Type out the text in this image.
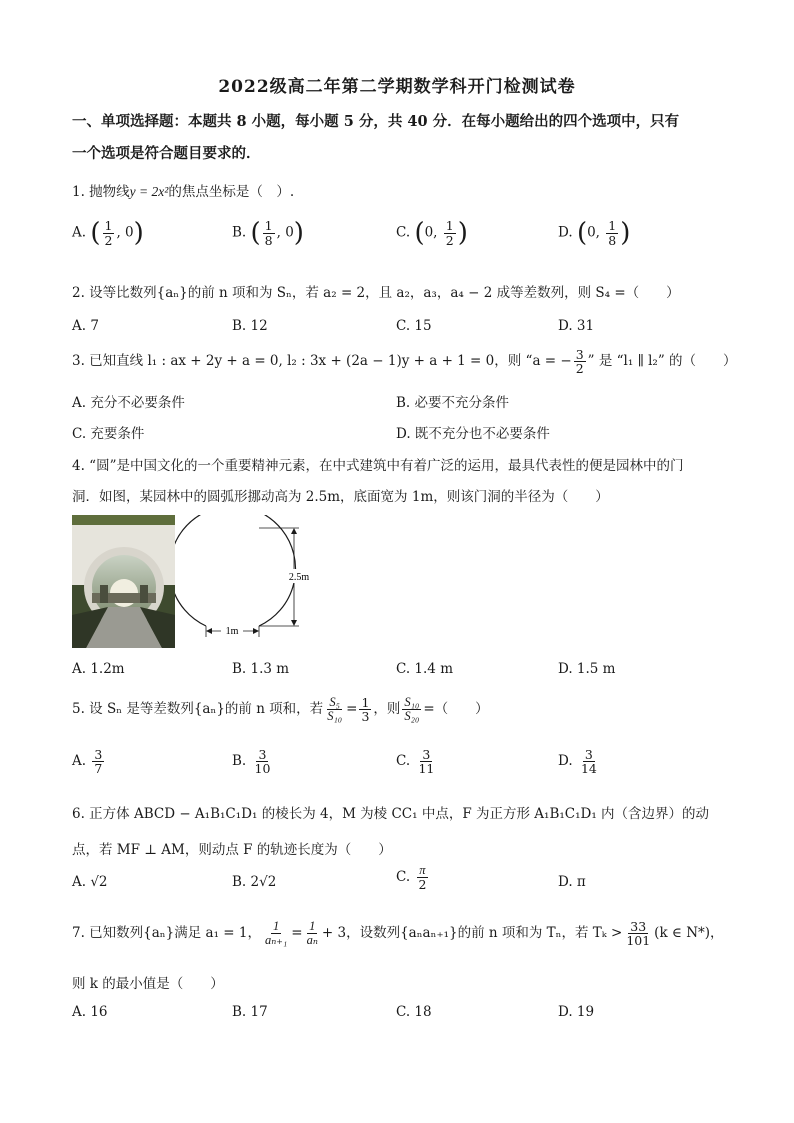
2022级高二年第二学期数学科开门检测试卷
一、单项选择题：本题共 8 小题，每小题 5 分，共 40 分．在每小题给出的四个选项中，只有
一个选项是符合题目要求的．
1. 抛物线y = 2x²的焦点坐标是（　）.
A. ( $\frac{1}{2}$ , 0)	B. ( $\frac{1}{8}$ , 0)	C. (0, $\frac{1}{2}$ )	D. (0, $\frac{1}{8}$ )
2. 设等比数列{aₙ}的前 n 项和为 Sₙ，若 a₂ = 2，且 a₂，a₃，a₄ − 2 成等差数列，则 S₄ =（　　）
A. 7	B. 12	C. 15	D. 31
3. 已知直线 l₁ : ax + 2y + a = 0, l₂ : 3x + (2a − 1)y + a + 1 = 0，则 “a = − $\frac{3}{2}$ ” 是 “l₁ ∥ l₂” 的（　　）
A. 充分不必要条件	B. 必要不充分条件
C. 充要条件	D. 既不充分也不必要条件
4. “圆”是中国文化的一个重要精神元素，在中式建筑中有着广泛的运用，最具代表性的便是园林中的门
洞．如图，某园林中的圆弧形挪动高为 2.5m，底面宽为 1m，则该门洞的半径为（　　）
1m
2.5m
A. 1.2m	B. 1.3 m	C. 1.4 m	D. 1.5 m
5. 设 Sₙ 是等差数列{aₙ}的前 n 项和，若 $\frac{\text{S₅}}{\text{S₁₀}} = \frac{1}{3}$ ，则 $\frac{\text{S₁₀}}{\text{S₂₀}}$ =（　　）
A. $\frac{3}{7}$	B. $\frac{3}{10}$	C. $\frac{3}{11}$	D. $\frac{3}{14}$
6. 正方体 ABCD − A₁B₁C₁D₁ 的棱长为 4，M 为棱 CC₁ 中点，F 为正方形 A₁B₁C₁D₁ 内（含边界）的动
点，若 MF ⊥ AM，则动点 F 的轨迹长度为（　　）
A. √2	B. 2√2	C. $\frac{\pi}{2}$	D. π
7. 已知数列{aₙ}满足 a₁ = 1， $\frac{1}{\text{aₙ₊₁}} = \frac{1}{\text{aₙ}} + 3$，设数列{aₙaₙ₊₁}的前 n 项和为 Tₙ，若 $T_k > \frac{33}{101} (k$ ∈ N*)，
则 k 的最小值是（　　）
A. 16	B. 17	C. 18	D. 19
